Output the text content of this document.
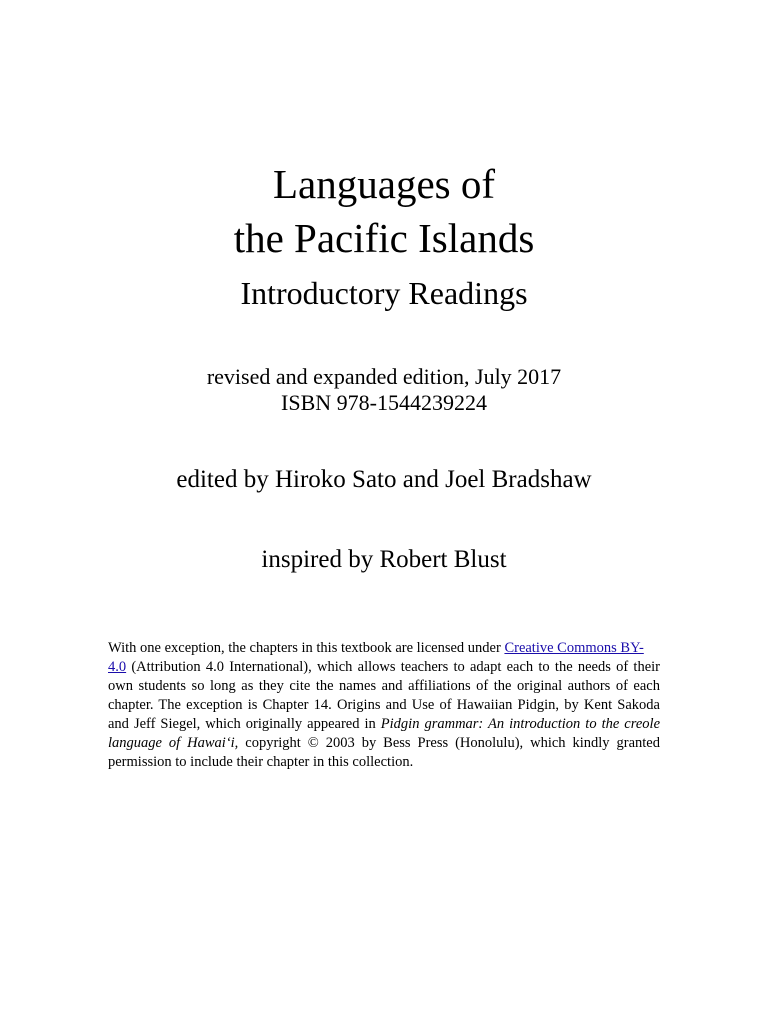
Languages of
the Pacific Islands
Introductory Readings
revised and expanded edition, July 2017
ISBN 978-1544239224
edited by Hiroko Sato and Joel Bradshaw
inspired by Robert Blust

With one exception, the chapters in this textbook are licensed under Creative Commons BY-
4.0 (Attribution 4.0 International), which allows teachers to adapt each to the needs of their own students so long as they cite the names and affiliations of the original authors of each chapter. The exception is Chapter 14. Origins and Use of Hawaiian Pidgin, by Kent Sakoda and Jeff Siegel, which originally appeared in Pidgin grammar: An introduction to the creole language of Hawai‘i, copyright © 2003 by Bess Press (Honolulu), which kindly granted permission to include their chapter in this collection.
